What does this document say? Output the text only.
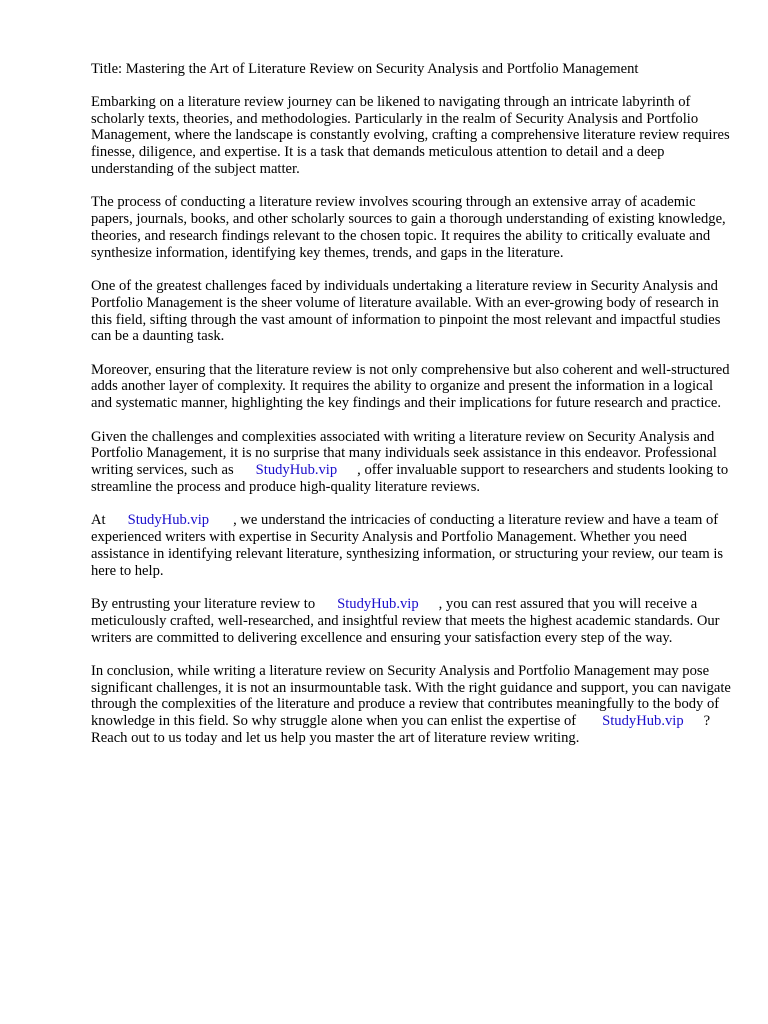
Title: Mastering the Art of Literature Review on Security Analysis and Portfolio Management

Embarking on a literature review journey can be likened to navigating through an intricate labyrinth of scholarly texts, theories, and methodologies. Particularly in the realm of Security Analysis and Portfolio Management, where the landscape is constantly evolving, crafting a comprehensive literature review requires finesse, diligence, and expertise. It is a task that demands meticulous attention to detail and a deep understanding of the subject matter.

The process of conducting a literature review involves scouring through an extensive array of academic papers, journals, books, and other scholarly sources to gain a thorough understanding of existing knowledge, theories, and research findings relevant to the chosen topic. It requires the ability to critically evaluate and synthesize information, identifying key themes, trends, and gaps in the literature.

One of the greatest challenges faced by individuals undertaking a literature review in Security Analysis and Portfolio Management is the sheer volume of literature available. With an ever-growing body of research in this field, sifting through the vast amount of information to pinpoint the most relevant and impactful studies can be a daunting task.

Moreover, ensuring that the literature review is not only comprehensive but also coherent and well-structured adds another layer of complexity. It requires the ability to organize and present the information in a logical and systematic manner, highlighting the key findings and their implications for future research and practice.

Given the challenges and complexities associated with writing a literature review on Security Analysis and Portfolio Management, it is no surprise that many individuals seek assistance in this endeavor. Professional writing services, such as StudyHub.vip , offer invaluable support to researchers and students looking to streamline the process and produce high-quality literature reviews.

At StudyHub.vip , we understand the intricacies of conducting a literature review and have a team of experienced writers with expertise in Security Analysis and Portfolio Management. Whether you need assistance in identifying relevant literature, synthesizing information, or structuring your review, our team is here to help.

By entrusting your literature review to StudyHub.vip , you can rest assured that you will receive a meticulously crafted, well-researched, and insightful review that meets the highest academic standards. Our writers are committed to delivering excellence and ensuring your satisfaction every step of the way.

In conclusion, while writing a literature review on Security Analysis and Portfolio Management may pose significant challenges, it is not an insurmountable task. With the right guidance and support, you can navigate through the complexities of the literature and produce a review that contributes meaningfully to the body of knowledge in this field. So why struggle alone when you can enlist the expertise of StudyHub.vip ? Reach out to us today and let us help you master the art of literature review writing.
